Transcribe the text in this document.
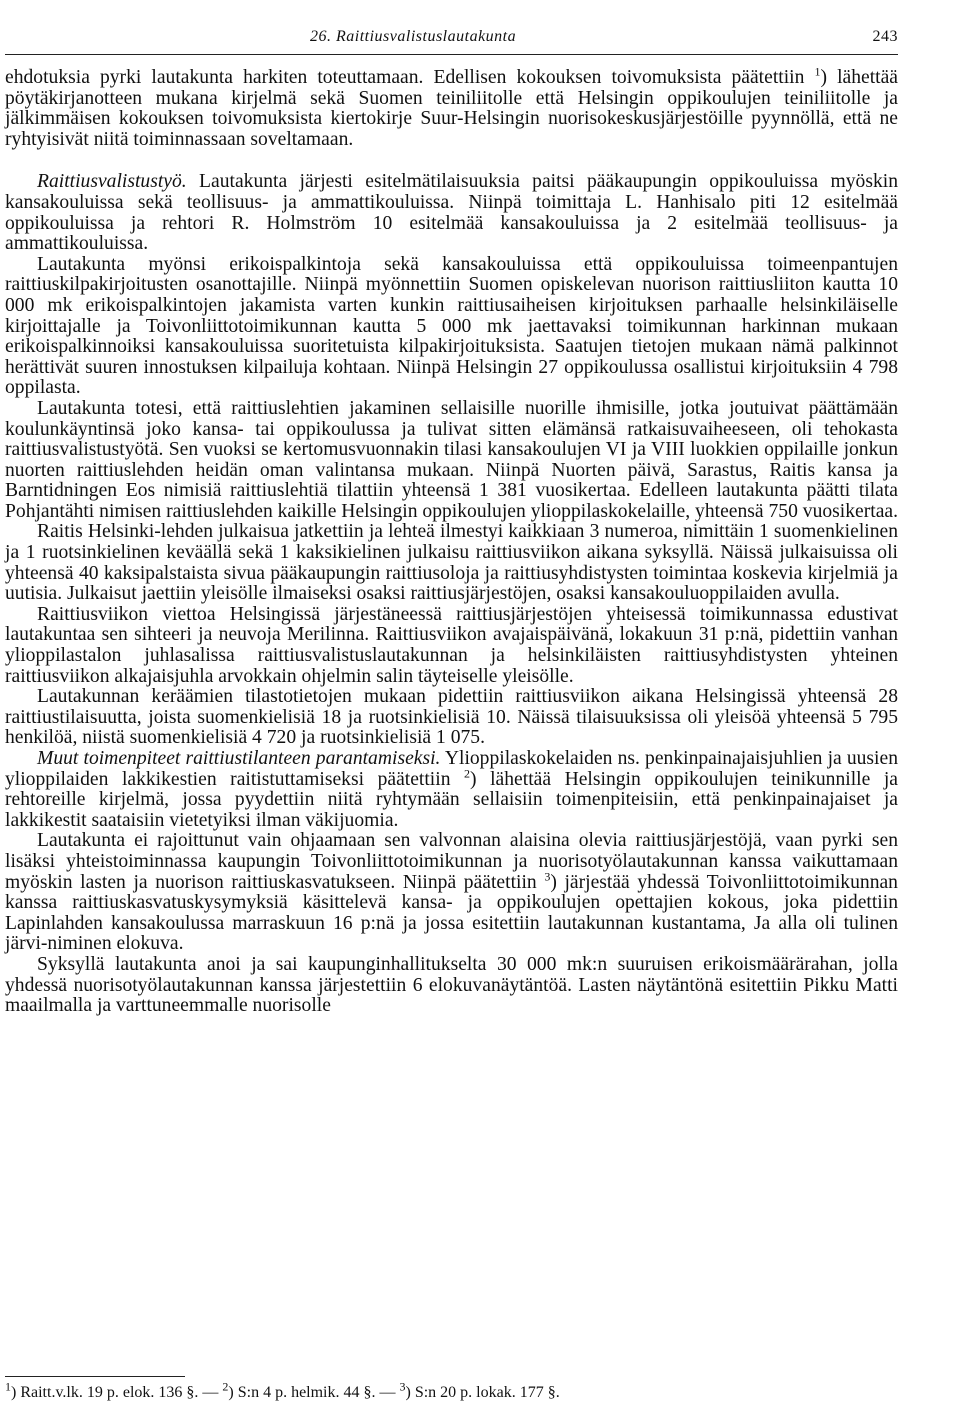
26. Raittiusvalistuslautakunta	243

ehdotuksia pyrki lautakunta harkiten toteuttamaan. Edellisen kokouksen toivomuksista päätettiin $^1$) lähettää pöytäkirjanotteen mukana kirjelmä sekä Suomen teiniliitolle että Helsingin oppikoulujen teiniliitolle ja jälkimmäisen kokouksen toivomuksista kiertokirje Suur-Helsingin nuorisokeskusjärjestöille pyynnöllä, että ne ryhtyisivät niitä toiminnassaan soveltamaan.

Raittiusvalistustyö. Lautakunta järjesti esitelmätilaisuuksia paitsi pääkaupungin oppikouluissa myöskin kansakouluissa sekä teollisuus- ja ammattikouluissa. Niinpä toimittaja L. Hanhisalo piti 12 esitelmää oppikouluissa ja rehtori R. Holmström 10 esitelmää kansakouluissa ja 2 esitelmää teollisuus- ja ammattikouluissa.

Lautakunta myönsi erikoispalkintoja sekä kansakouluissa että oppikouluissa toimeenpantujen raittiuskilpakirjoitusten osanottajille. Niinpä myönnettiin Suomen opiskelevan nuorison raittiusliiton kautta 10 000 mk erikoispalkintojen jakamista varten kunkin raittiusaiheisen kirjoituksen parhaalle helsinkiläiselle kirjoittajalle ja Toivonliittotoimikunnan kautta 5 000 mk jaettavaksi toimikunnan harkinnan mukaan erikoispalkinnoiksi kansakouluissa suoritetuista kilpakirjoituksista. Saatujen tietojen mukaan nämä palkinnot herättivät suuren innostuksen kilpailuja kohtaan. Niinpä Helsingin 27 oppikoulussa osallistui kirjoituksiin 4 798 oppilasta.

Lautakunta totesi, että raittiuslehtien jakaminen sellaisille nuorille ihmisille, jotka joutuivat päättämään koulunkäyntinsä joko kansa- tai oppikoulussa ja tulivat sitten elämänsä ratkaisuvaiheeseen, oli tehokasta raittiusvalistustyötä. Sen vuoksi se kertomusvuonnakin tilasi kansakoulujen VI ja VIII luokkien oppilaille jonkun nuorten raittiuslehden heidän oman valintansa mukaan. Niinpä Nuorten päivä, Sarastus, Raitis kansa ja Barntidningen Eos nimisiä raittiuslehtiä tilattiin yhteensä 1 381 vuosikertaa. Edelleen lautakunta päätti tilata Pohjantähti nimisen raittiuslehden kaikille Helsingin oppikoulujen ylioppilaskokelaille, yhteensä 750 vuosikertaa.

Raitis Helsinki-lehden julkaisua jatkettiin ja lehteä ilmestyi kaikkiaan 3 numeroa, nimittäin 1 suomenkielinen ja 1 ruotsinkielinen keväällä sekä 1 kaksikielinen julkaisu raittiusviikon aikana syksyllä. Näissä julkaisuissa oli yhteensä 40 kaksipalstaista sivua pääkaupungin raittiusoloja ja raittiusyhdistysten toimintaa koskevia kirjelmiä ja uutisia. Julkaisut jaettiin yleisölle ilmaiseksi osaksi raittiusjärjestöjen, osaksi kansakouluoppilaiden avulla.

Raittiusviikon viettoa Helsingissä järjestäneessä raittiusjärjestöjen yhteisessä toimikunnassa edustivat lautakuntaa sen sihteeri ja neuvoja Merilinna. Raittiusviikon avajaispäivänä, lokakuun 31 p:nä, pidettiin vanhan ylioppilastalon juhlasalissa raittiusvalistuslautakunnan ja helsinkiläisten raittiusyhdistysten yhteinen raittiusviikon alkajaisjuhla arvokkain ohjelmin salin täyteiselle yleisölle.

Lautakunnan keräämien tilastotietojen mukaan pidettiin raittiusviikon aikana Helsingissä yhteensä 28 raittiustilaisuutta, joista suomenkielisiä 18 ja ruotsinkielisiä 10. Näissä tilaisuuksissa oli yleisöä yhteensä 5 795 henkilöä, niistä suomenkielisiä 4 720 ja ruotsinkielisiä 1 075.

Muut toimenpiteet raittiustilanteen parantamiseksi. Ylioppilaskokelaiden ns. penkinpainajaisjuhlien ja uusien ylioppilaiden lakkikestien raitistuttamiseksi päätettiin $^2$) lähettää Helsingin oppikoulujen teinikunnille ja rehtoreille kirjelmä, jossa pyydettiin niitä ryhtymään sellaisiin toimenpiteisiin, että penkinpainajaiset ja lakkikestit saataisiin vietetyiksi ilman väkijuomia.

Lautakunta ei rajoittunut vain ohjaamaan sen valvonnan alaisina olevia raittiusjärjestöjä, vaan pyrki sen lisäksi yhteistoiminnassa kaupungin Toivonliittotoimikunnan ja nuorisotyölautakunnan kanssa vaikuttamaan myöskin lasten ja nuorison raittiuskasvatukseen. Niinpä päätettiin $^3$) järjestää yhdessä Toivonliittotoimikunnan kanssa raittiuskasvatuskysymyksiä käsittelevä kansa- ja oppikoulujen opettajien kokous, joka pidettiin Lapinlahden kansakoulussa marraskuun 16 p:nä ja jossa esitettiin lautakunnan kustantama, Ja alla oli tulinen järvi-niminen elokuva.

Syksyllä lautakunta anoi ja sai kaupunginhallitukselta 30 000 mk:n suuruisen erikoismäärärahan, jolla yhdessä nuorisotyölautakunnan kanssa järjestettiin 6 elokuvanäytäntöä. Lasten näytäntönä esitettiin Pikku Matti maailmalla ja varttuneemmalle nuorisolle

$^1$) Raitt.v.lk. 19 p. elok. 136 §. — $^2$) S:n 4 p. helmik. 44 §. — $^3$) S:n 20 p. lokak. 177 §.
